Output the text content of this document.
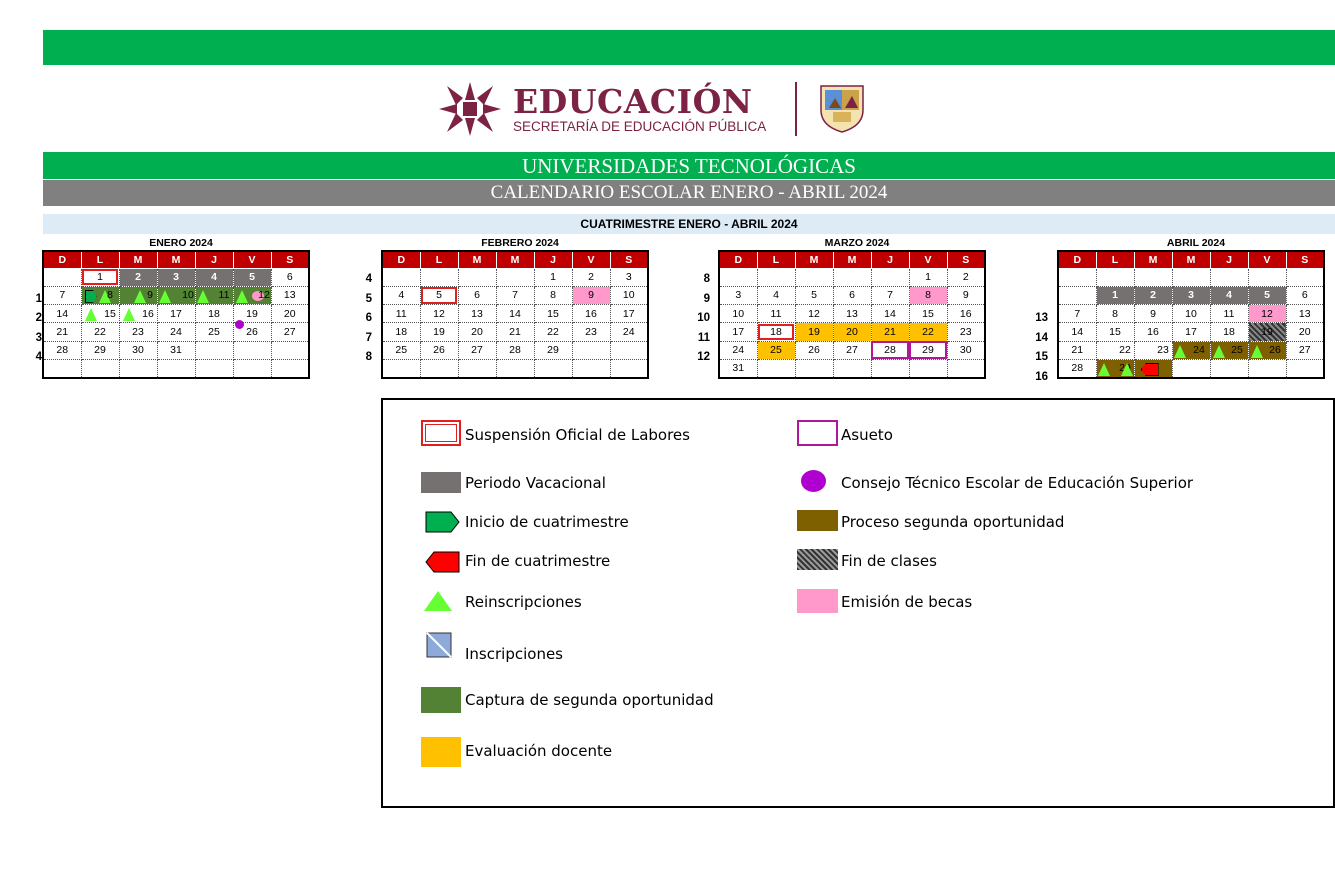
EDUCACIÓN
SECRETARÍA DE EDUCACIÓN PÚBLICA
UNIVERSIDADES TECNOLÓGICAS
CALENDARIO ESCOLAR ENERO - ABRIL 2024
CUATRIMESTRE ENERO - ABRIL 2024
ENERO 2024	FEBRERO 2024	MARZO 2024	ABRIL 2024
1
2
3
4
D	L	M	M	J	V	S
	1	2	3	4	5	6
7	8	9	10	11	12	13
14	15	16	17	18	19	20
21	22	23	24	25	26	27
28	29	30	31			

4
5
6
7
8
D	L	M	M	J	V	S
				1	2	3
4	5	6	7	8	9	10
11	12	13	14	15	16	17
18	19	20	21	22	23	24
25	26	27	28	29		

8
9
10
11
12
D	L	M	M	J	V	S
					1	2
3	4	5	6	7	8	9
10	11	12	13	14	15	16
17	18	19	20	21	22	23
24	25	26	27	28	29	30
31						
13
14
15
16
D	L	M	M	J	V	S

	1	2	3	4	5	6
7	8	9	10	11	12	13
14	15	16	17	18	19	20
21	22	23	24	25	26	27
28	29	

Suspensión Oficial de Labores
Periodo Vacacional
Inicio de cuatrimestre
Fin de cuatrimestre
Reinscripciones
Inscripciones
Captura de segunda oportunidad
Evaluación docente
Asueto
Consejo Técnico Escolar de Educación Superior
Proceso segunda oportunidad
Fin de clases
Emisión de becas
